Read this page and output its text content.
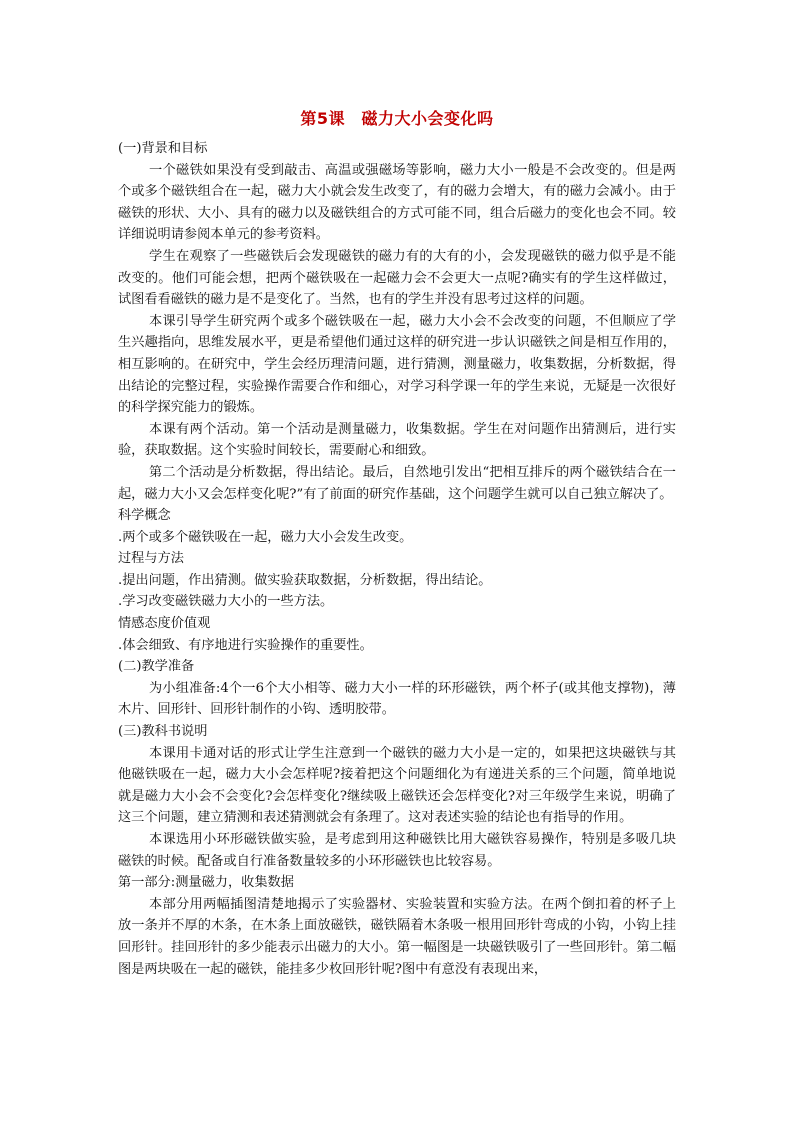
第5课　磁力大小会变化吗

(一)背景和目标

一个磁铁如果没有受到敲击、高温或强磁场等影响，磁力大小一般是不会改变的。但是两个或多个磁铁组合在一起，磁力大小就会发生改变了，有的磁力会增大，有的磁力会减小。由于磁铁的形状、大小、具有的磁力以及磁铁组合的方式可能不同，组合后磁力的变化也会不同。较详细说明请参阅本单元的参考资料。

学生在观察了一些磁铁后会发现磁铁的磁力有的大有的小，会发现磁铁的磁力似乎是不能改变的。他们可能会想，把两个磁铁吸在一起磁力会不会更大一点呢?确实有的学生这样做过，试图看看磁铁的磁力是不是变化了。当然，也有的学生并没有思考过这样的问题。

本课引导学生研究两个或多个磁铁吸在一起，磁力大小会不会改变的问题，不但顺应了学生兴趣指向，思维发展水平，更是希望他们通过这样的研究进一步认识磁铁之间是相互作用的，相互影响的。在研究中，学生会经历理清问题，进行猜测，测量磁力，收集数据，分析数据，得出结论的完整过程，实验操作需要合作和细心，对学习科学课一年的学生来说，无疑是一次很好的科学探究能力的锻炼。

本课有两个活动。第一个活动是测量磁力，收集数据。学生在对问题作出猜测后，进行实验，获取数据。这个实验时间较长，需要耐心和细致。

第二个活动是分析数据，得出结论。最后，自然地引发出“把相互排斥的两个磁铁结合在一起，磁力大小又会怎样变化呢?”有了前面的研究作基础，这个问题学生就可以自己独立解决了。

科学概念

.两个或多个磁铁吸在一起，磁力大小会发生改变。

过程与方法

.提出问题，作出猜测。做实验获取数据，分析数据，得出结论。

.学习改变磁铁磁力大小的一些方法。

情感态度价值观

.体会细致、有序地进行实验操作的重要性。

(二)教学准备

为小组准备:4个一6个大小相等、磁力大小一样的环形磁铁，两个杯子(或其他支撑物)，薄木片、回形针、回形针制作的小钩、透明胶带。

(三)教科书说明

本课用卡通对话的形式让学生注意到一个磁铁的磁力大小是一定的，如果把这块磁铁与其他磁铁吸在一起，磁力大小会怎样呢?接着把这个问题细化为有递进关系的三个问题，简单地说就是磁力大小会不会变化?会怎样变化?继续吸上磁铁还会怎样变化?对三年级学生来说，明确了这三个问题，建立猜测和表述猜测就会有条理了。这对表述实验的结论也有指导的作用。

本课选用小环形磁铁做实验，是考虑到用这种磁铁比用大磁铁容易操作，特别是多吸几块磁铁的时候。配备或自行准备数量较多的小环形磁铁也比较容易。

第一部分:测量磁力，收集数据

本部分用两幅插图清楚地揭示了实验器材、实验装置和实验方法。在两个倒扣着的杯子上放一条并不厚的木条，在木条上面放磁铁，磁铁隔着木条吸一根用回形针弯成的小钩，小钩上挂回形针。挂回形针的多少能表示出磁力的大小。第一幅图是一块磁铁吸引了一些回形针。第二幅图是两块吸在一起的磁铁，能挂多少枚回形针呢?图中有意没有表现出来，
